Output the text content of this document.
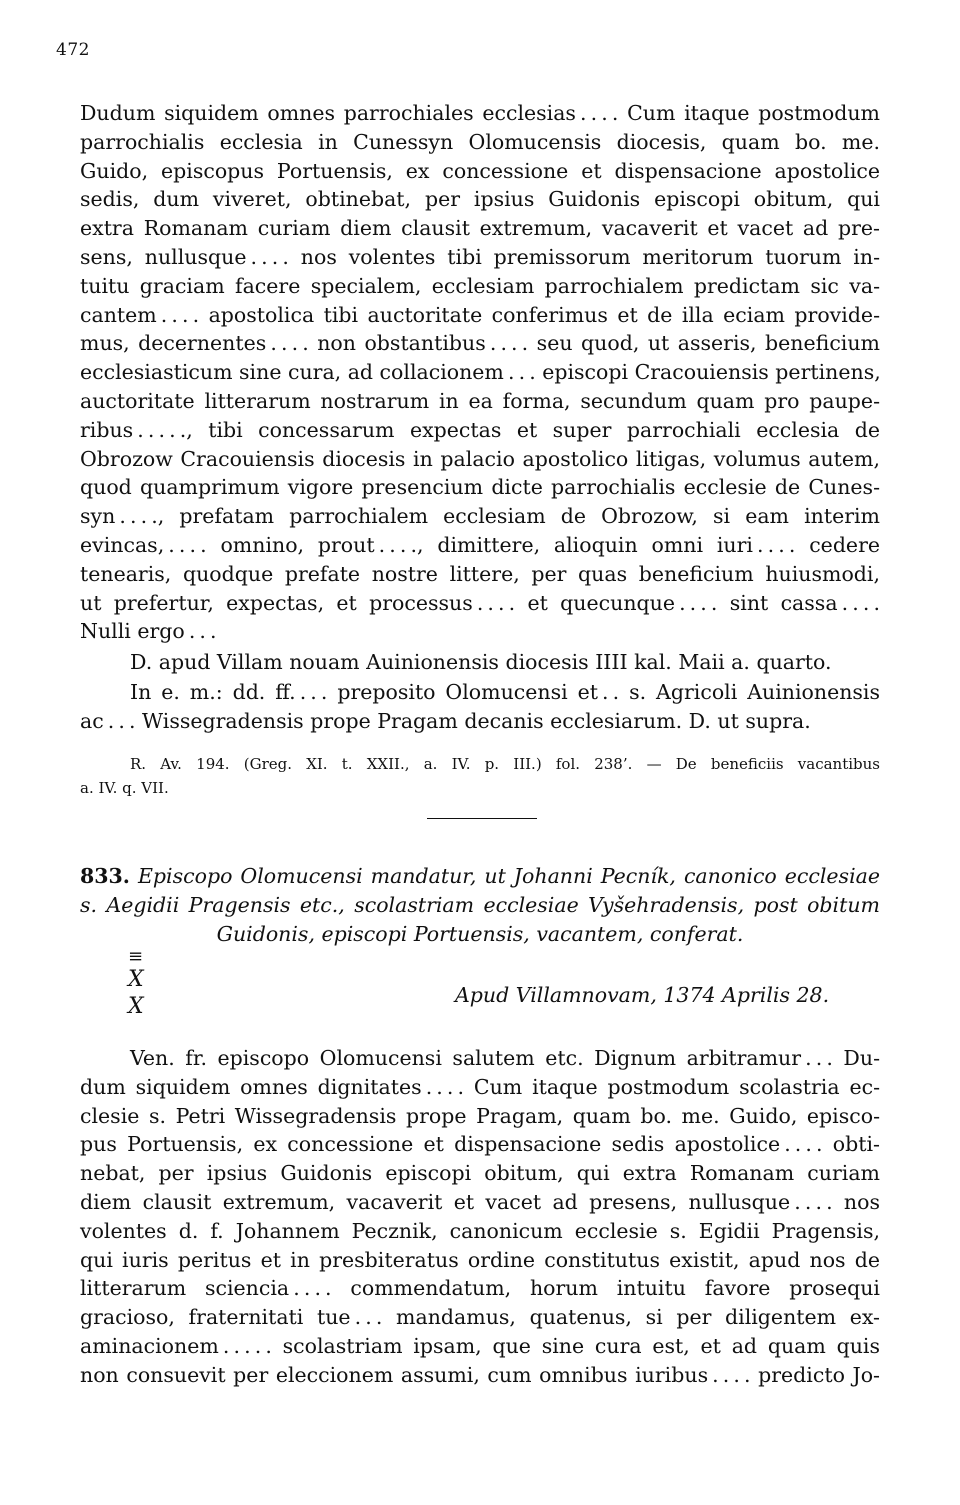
472
Dudum siquidem omnes parrochiales ecclesias . . . . Cum itaque postmodum
parrochialis ecclesia in Cunessyn Olomucensis diocesis, quam bo. me.
Guido, episcopus Portuensis, ex concessione et dispensacione apostolice
sedis, dum viveret, obtinebat, per ipsius Guidonis episcopi obitum, qui
extra Romanam curiam diem clausit extremum, vacaverit et vacet ad pre-
sens, nullusque . . . . nos volentes tibi premissorum meritorum tuorum in-
tuitu graciam facere specialem, ecclesiam parrochialem predictam sic va-
cantem . . . . apostolica tibi auctoritate conferimus et de illa eciam provide-
mus, decernentes . . . . non obstantibus . . . . seu quod, ut asseris, beneficium
ecclesiasticum sine cura, ad collacionem . . . episcopi Cracouiensis pertinens,
auctoritate litterarum nostrarum in ea forma, secundum quam pro paupe-
ribus . . . . ., tibi concessarum expectas et super parrochiali ecclesia de
Obrozow Cracouiensis diocesis in palacio apostolico litigas, volumus autem,
quod quamprimum vigore presencium dicte parrochialis ecclesie de Cunes-
syn . . . ., prefatam parrochialem ecclesiam de Obrozow, si eam interim
evincas, . . . . omnino, prout . . . ., dimittere, alioquin omni iuri . . . . cedere
tenearis, quodque prefate nostre littere, per quas beneficium huiusmodi,
ut prefertur, expectas, et processus . . . . et quecunque . . . . sint cassa . . . .
Nulli ergo . . .
D. apud Villam nouam Auinionensis diocesis IIII kal. Maii a. quarto.
In e. m.: dd. ff. . . . preposito Olomucensi et . . s. Agricoli Auinionensis
ac . . . Wissegradensis prope Pragam decanis ecclesiarum. D. ut supra.
R. Av. 194. (Greg. XI. t. XXII., a. IV. p. III.) fol. 238’. — De beneficiis vacantibus
a. IV. q. VII.
833. Episcopo Olomucensi mandatur, ut Johanni Pecník, canonico ecclesiae
s. Aegidii Pragensis etc., scolastriam ecclesiae Vyšehradensis, post obitum
Guidonis, episcopi Portuensis, vacantem, conferat.
≡
X
X	Apud Villamnovam, 1374 Aprilis 28.
Ven. fr. episcopo Olomucensi salutem etc. Dignum arbitramur . . . Du-
dum siquidem omnes dignitates . . . . Cum itaque postmodum scolastria ec-
clesie s. Petri Wissegradensis prope Pragam, quam bo. me. Guido, episco-
pus Portuensis, ex concessione et dispensacione sedis apostolice . . . . obti-
nebat, per ipsius Guidonis episcopi obitum, qui extra Romanam curiam
diem clausit extremum, vacaverit et vacet ad presens, nullusque . . . . nos
volentes d. f. Johannem Pecznik, canonicum ecclesie s. Egidii Pragensis,
qui iuris peritus et in presbiteratus ordine constitutus existit, apud nos de
litterarum sciencia . . . . commendatum, horum intuitu favore prosequi
gracioso, fraternitati tue . . . mandamus, quatenus, si per diligentem ex-
aminacionem . . . . . scolastriam ipsam, que sine cura est, et ad quam quis
non consuevit per eleccionem assumi, cum omnibus iuribus . . . . predicto Jo-
